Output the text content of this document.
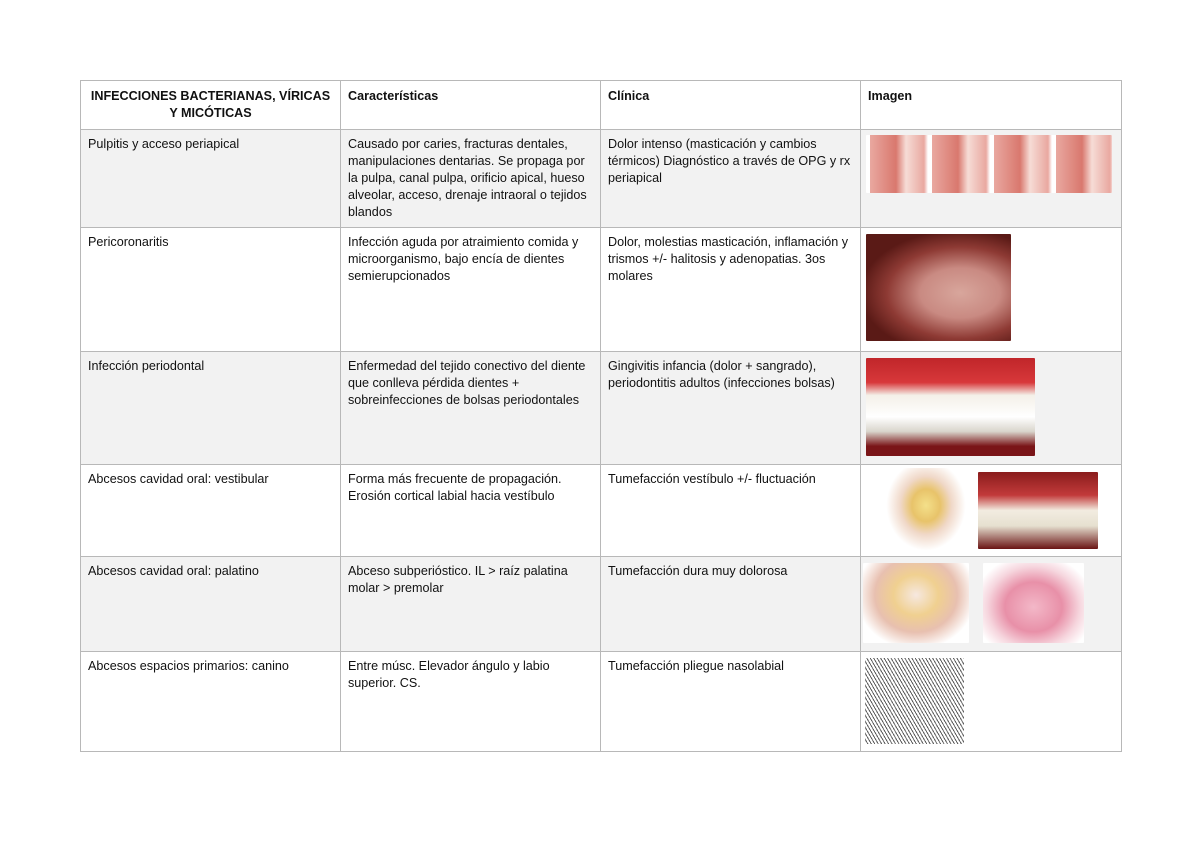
INFECCIONES BACTERIANAS, VÍRICAS Y MICÓTICAS	Características	Clínica	Imagen
Pulpitis y acceso periapical	Causado por caries, fracturas dentales, manipulaciones dentarias. Se propaga por la pulpa, canal pulpa, orificio apical, hueso alveolar, acceso, drenaje intraoral o tejidos blandos	Dolor intenso (masticación y cambios térmicos) Diagnóstico a través de OPG y rx periapical	

Pericoronaritis	Infección aguda por atraimiento comida y microorganismo, bajo encía de dientes semierupcionados	Dolor, molestias masticación, inflamación y trismos +/- halitosis y adenopatias. 3os molares	

Infección periodontal	Enfermedad del tejido conectivo del diente que conlleva pérdida dientes + sobreinfecciones de bolsas periodontales	Gingivitis infancia (dolor + sangrado), periodontitis adultos (infecciones bolsas)	

Abcesos cavidad oral: vestibular	Forma más frecuente de propagación. Erosión cortical labial hacia vestíbulo	Tumefacción vestíbulo +/- fluctuación	

Abcesos cavidad oral: palatino	Abceso subperióstico. IL > raíz palatina molar > premolar	Tumefacción dura muy dolorosa	

Abcesos espacios primarios: canino	Entre músc. Elevador ángulo y labio superior. CS.	Tumefacción pliegue nasolabial	
